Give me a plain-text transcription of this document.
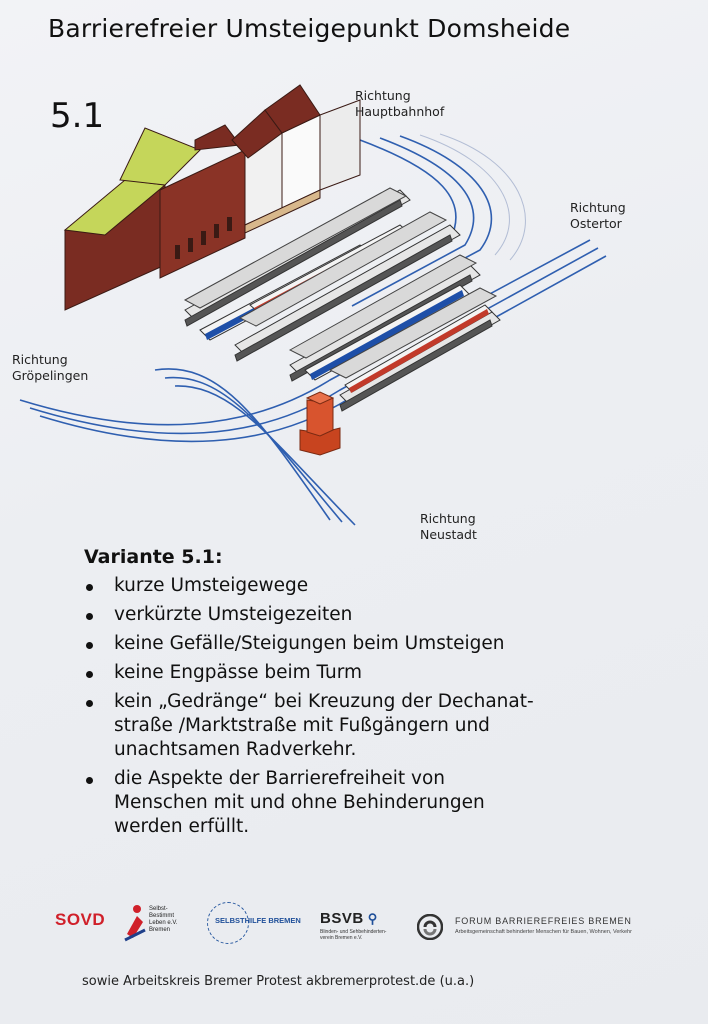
Barrierefreier Umsteigepunkt Domsheide
5.1
Richtung
Hauptbahnhof
Richtung
Ostertor
Richtung
Gröpelingen
Richtung
Neustadt
Variante 5.1:
kurze Umsteigewege
verkürzte Umsteigezeiten
keine Gefälle/Steigungen beim Umsteigen
keine Engpässe beim Turm
kein „Gedränge“ bei Kreuzung der Dechanat-
straße /Marktstraße mit Fußgängern und
unachtsamen Radverkehr.
die Aspekte der Barrierefreiheit von
Menschen mit und ohne Behinderungen
werden erfüllt.
SOVD
Selbst-
Bestimmt
Leben e.V.
Bremen
SELBSTHILFE BREMEN BSVB ⚲
Blinden- und Sehbehinderten-
verein Bremen e.V.
FORUM BARRIEREFREIES BREMEN
Arbeitsgemeinschaft behinderter Menschen für Bauen, Wohnen, Verkehr
sowie Arbeitskreis Bremer Protest akbremerprotest.de (u.a.)
